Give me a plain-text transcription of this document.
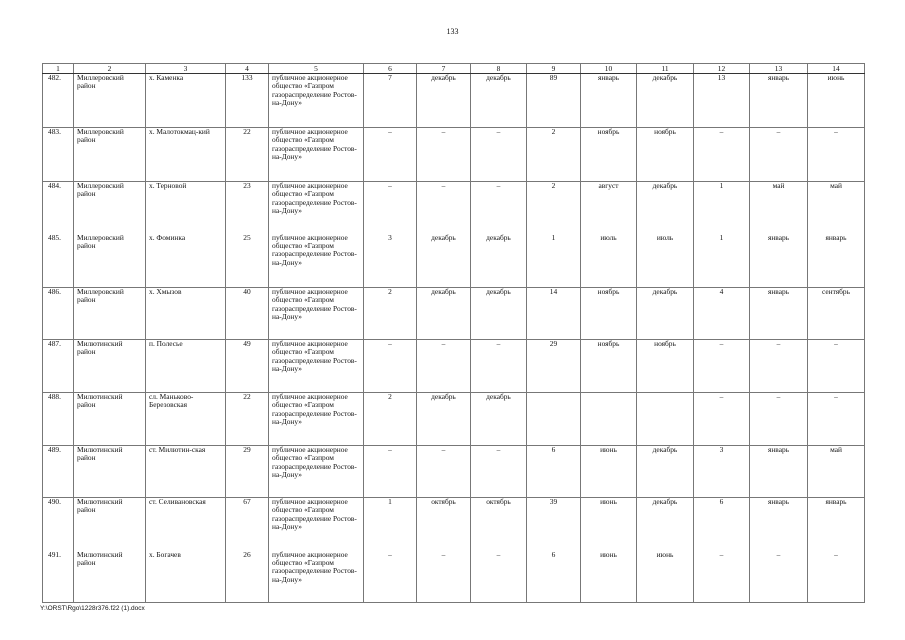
133
1	2	3	4	5	6	7	8	9	10	11	12	13	14
482.	Миллеровский район	х. Каменка	133	публичное акционерное общество «Газпром газораспределение Ростов-на-Дону»	7	декабрь	декабрь	89	январь	декабрь	13	январь	июнь
483.	Миллеровский район	х. Малотокмац-кий	22	публичное акционерное общество «Газпром газораспределение Ростов-на-Дону»	–	–	–	2	ноябрь	ноябрь	–	–	–
484.	Миллеровский район	х. Терновой	23	публичное акционерное общество «Газпром газораспределение Ростов-на-Дону»	–	–	–	2	август	декабрь	1	май	май
485.	Миллеровский район	х. Фоминка	25	публичное акционерное общество «Газпром газораспределение Ростов-на-Дону»	3	декабрь	декабрь	1	июль	июль	1	январь	январь
486.	Миллеровский район	х. Хмызов	40	публичное акционерное общество «Газпром газораспределение Ростов-на-Дону»	2	декабрь	декабрь	14	ноябрь	декабрь	4	январь	сентябрь
487.	Милютинский район	п. Полесье	49	публичное акционерное общество «Газпром газораспределение Ростов-на-Дону»	–	–	–	29	ноябрь	ноябрь	–	–	–
488.	Милютинский район	сл. Маньково-Березовская	22	публичное акционерное общество «Газпром газораспределение Ростов-на-Дону»	2	декабрь	декабрь				–	–	–
489.	Милютинский район	ст. Милютин-ская	29	публичное акционерное общество «Газпром газораспределение Ростов-на-Дону»	–	–	–	6	июнь	декабрь	3	январь	май
490.	Милютинский район	ст. Селивановская	67	публичное акционерное общество «Газпром газораспределение Ростов-на-Дону»	1	октябрь	октябрь	39	июнь	декабрь	6	январь	январь
491.	Милютинский район	х. Богачев	26	публичное акционерное общество «Газпром газораспределение Ростов-на-Дону»	–	–	–	6	июнь	июнь	–	–	–
Y:\ORST\Rgo\1228r376.f22 (1).docx
